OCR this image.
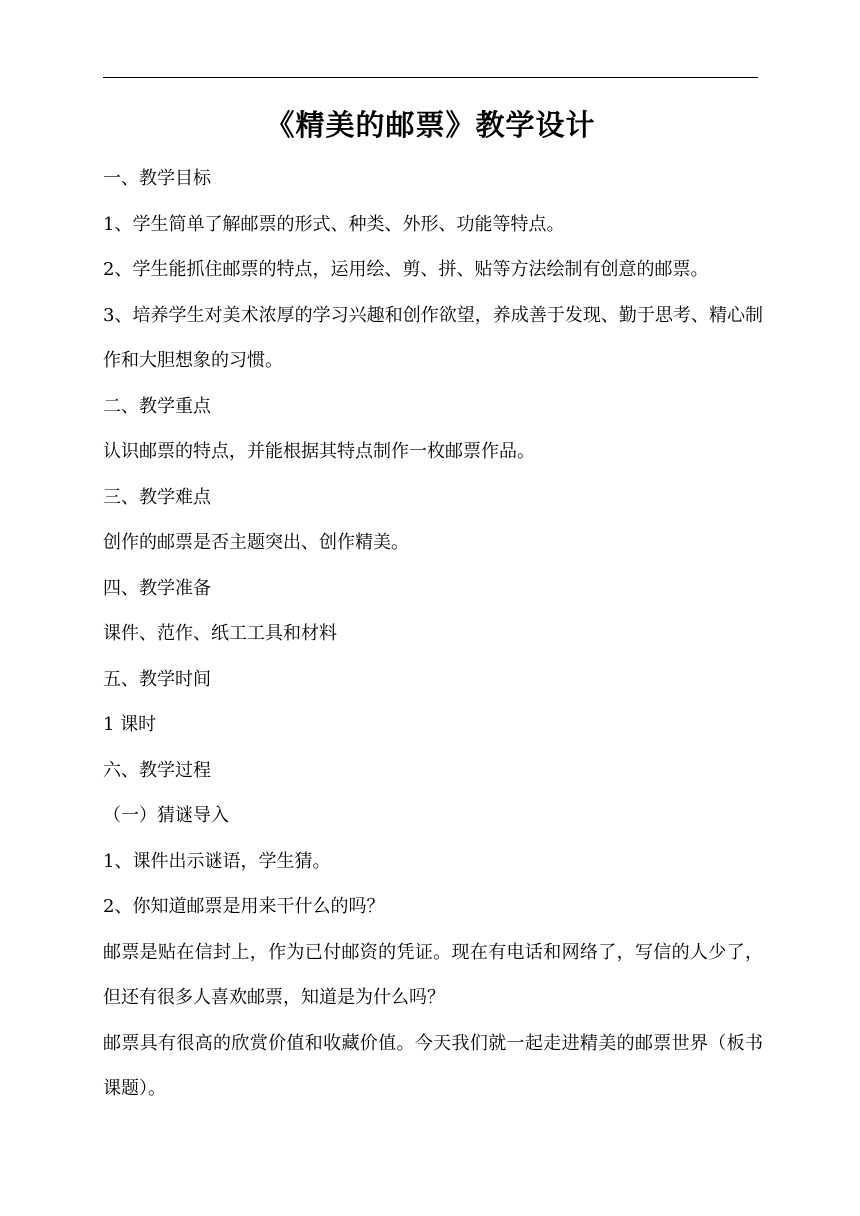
《精美的邮票》教学设计

一、教学目标

1、学生简单了解邮票的形式、种类、外形、功能等特点。

2、学生能抓住邮票的特点，运用绘、剪、拼、贴等方法绘制有创意的邮票。

3、培养学生对美术浓厚的学习兴趣和创作欲望，养成善于发现、勤于思考、精心制作和大胆想象的习惯。

二、教学重点

认识邮票的特点，并能根据其特点制作一枚邮票作品。

三、教学难点

创作的邮票是否主题突出、创作精美。

四、教学准备

课件、范作、纸工工具和材料

五、教学时间

1 课时

六、教学过程

（一）猜谜导入

1、课件出示谜语，学生猜。

2、你知道邮票是用来干什么的吗？

邮票是贴在信封上，作为已付邮资的凭证。现在有电话和网络了，写信的人少了，但还有很多人喜欢邮票，知道是为什么吗？

邮票具有很高的欣赏价值和收藏价值。今天我们就一起走进精美的邮票世界（板书课题）。
